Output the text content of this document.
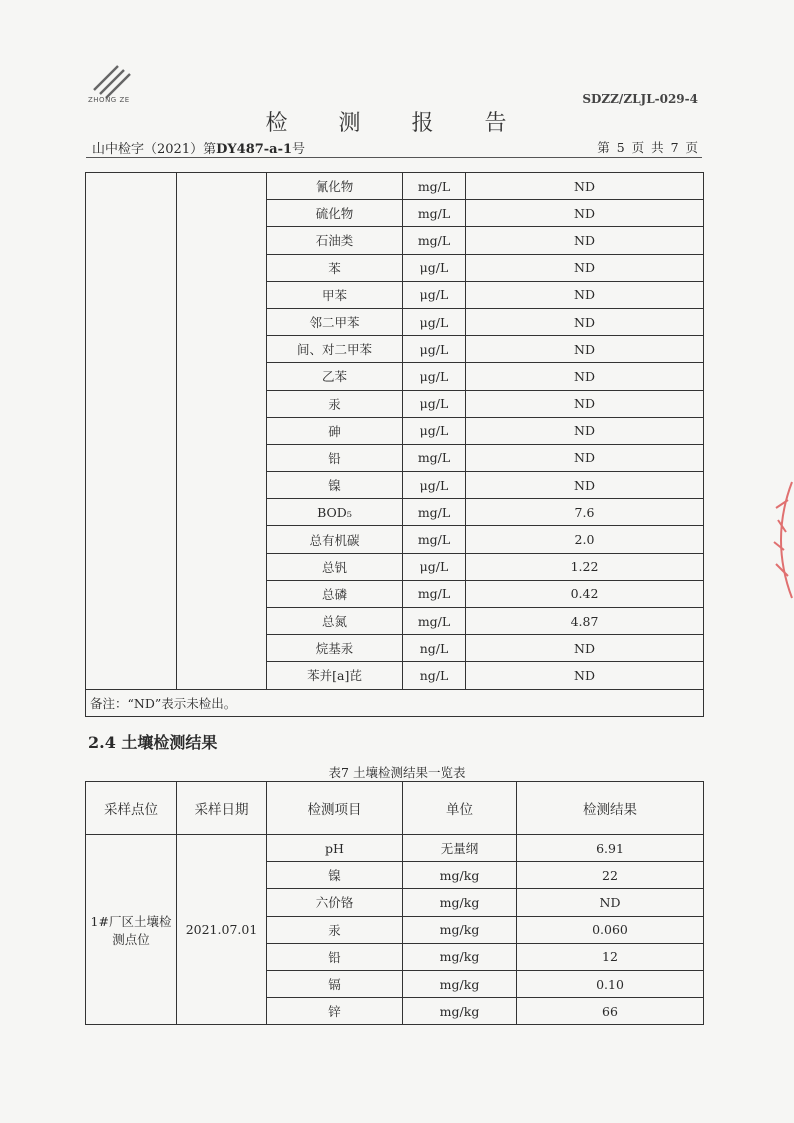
ZHONG ZE	SDZZ/ZLJL-029-4
检 测 报 告
山中检字（2021）第DY487-a-1号	第 5 页 共 7 页
		氰化物	mg/L	ND
		硫化物	mg/L	ND
		石油类	mg/L	ND
		苯	μg/L	ND
		甲苯	μg/L	ND
		邻二甲苯	μg/L	ND
		间、对二甲苯	μg/L	ND
		乙苯	μg/L	ND
		汞	μg/L	ND
		砷	μg/L	ND
		铅	mg/L	ND
		镍	μg/L	ND
		BOD₅	mg/L	7.6
		总有机碳	mg/L	2.0
		总钒	μg/L	1.22
		总磷	mg/L	0.42
		总氮	mg/L	4.87
		烷基汞	ng/L	ND
		苯并[a]芘	ng/L	ND
备注：“ND”表示未检出。				
2.4 土壤检测结果
表7 土壤检测结果一览表
采样点位	采样日期	检测项目	单位	检测结果
1#厂区土壤检测点位	2021.07.01	pH	无量纲	6.91
		镍	mg/kg	22
		六价铬	mg/kg	ND
		汞	mg/kg	0.060
		铅	mg/kg	12
		镉	mg/kg	0.10
		锌	mg/kg	66
